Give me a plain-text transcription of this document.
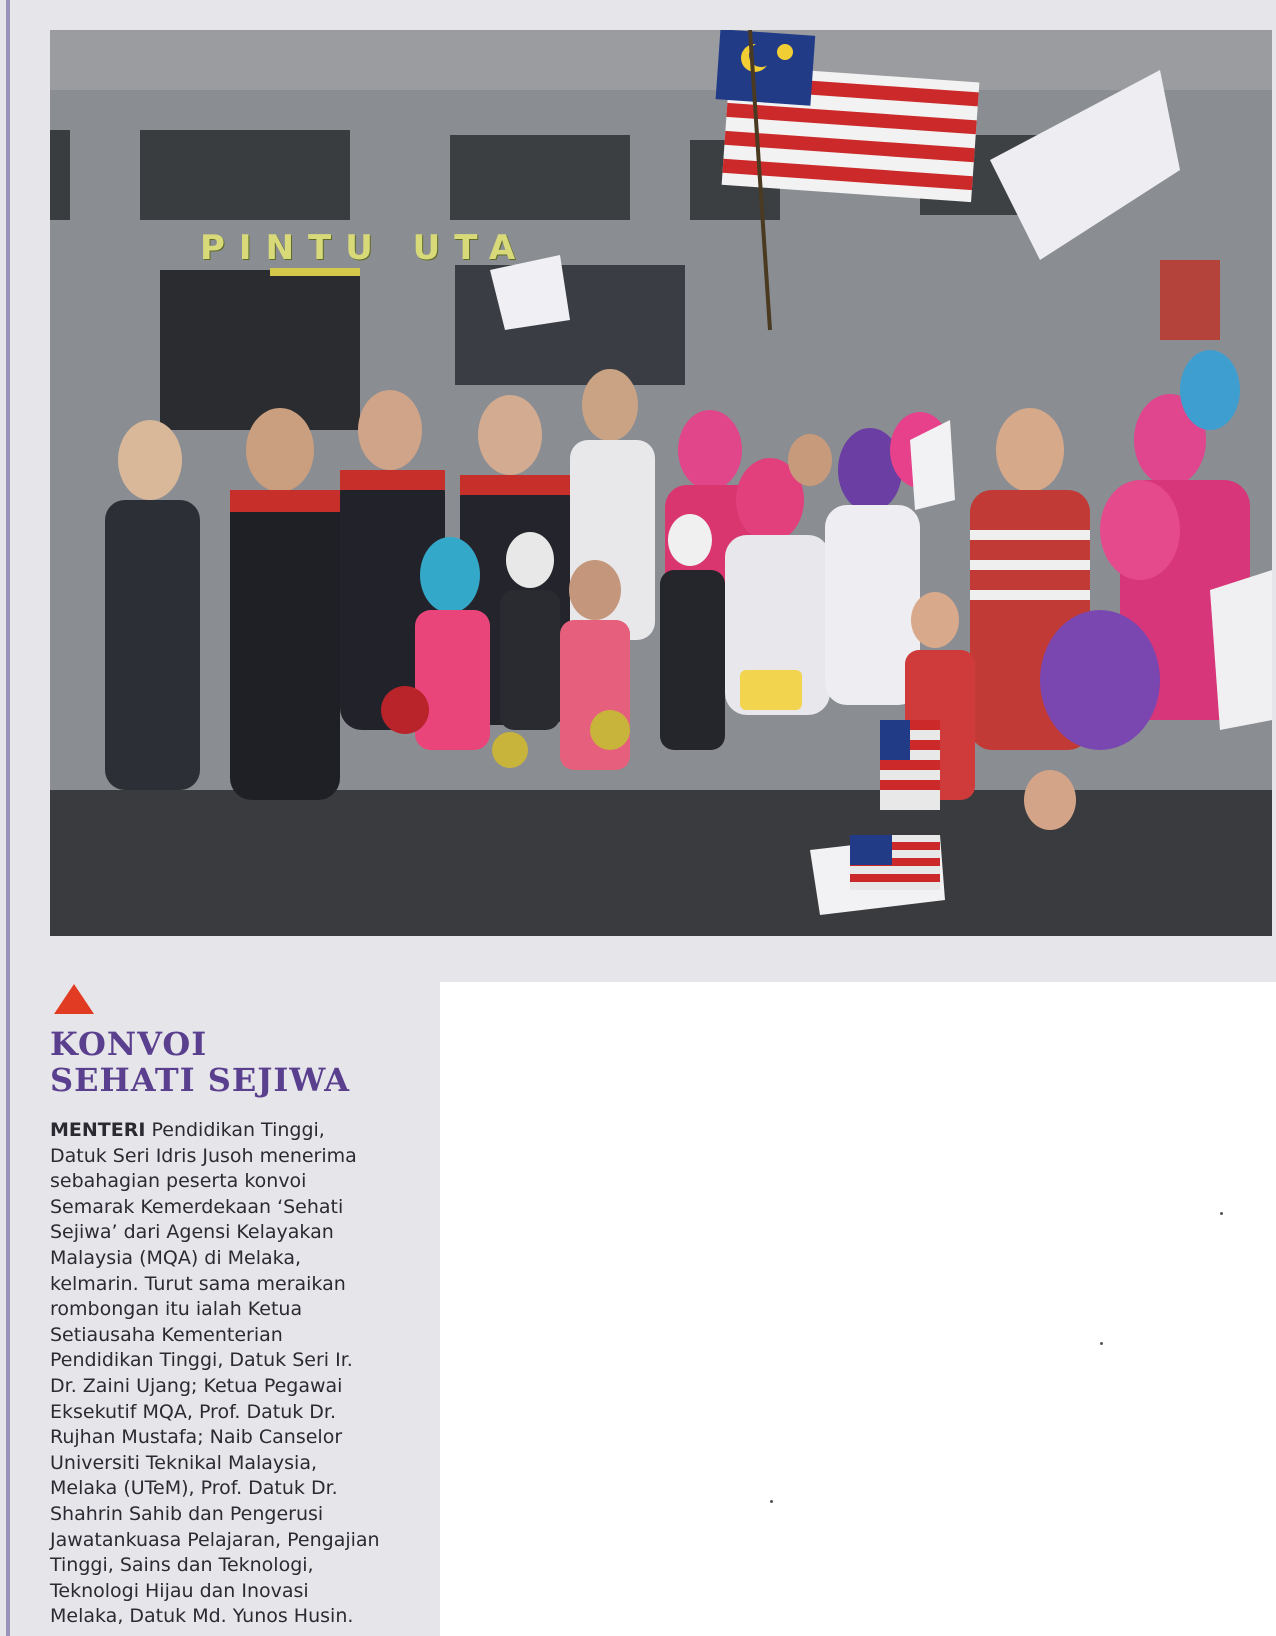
PINTU UTA
KONVOI
SEHATI SEJIWA

MENTERI Pendidikan Tinggi,
Datuk Seri Idris Jusoh menerima
sebahagian peserta konvoi
Semarak Kemerdekaan ‘Sehati
Sejiwa’ dari Agensi Kelayakan
Malaysia (MQA) di Melaka,
kelmarin. Turut sama meraikan
rombongan itu ialah Ketua
Setiausaha Kementerian
Pendidikan Tinggi, Datuk Seri Ir.
Dr. Zaini Ujang; Ketua Pegawai
Eksekutif MQA, Prof. Datuk Dr.
Rujhan Mustafa; Naib Canselor
Universiti Teknikal Malaysia,
Melaka (UTeM), Prof. Datuk Dr.
Shahrin Sahib dan Pengerusi
Jawatankuasa Pelajaran, Pengajian
Tinggi, Sains dan Teknologi,
Teknologi Hijau dan Inovasi
Melaka, Datuk Md. Yunos Husin.
